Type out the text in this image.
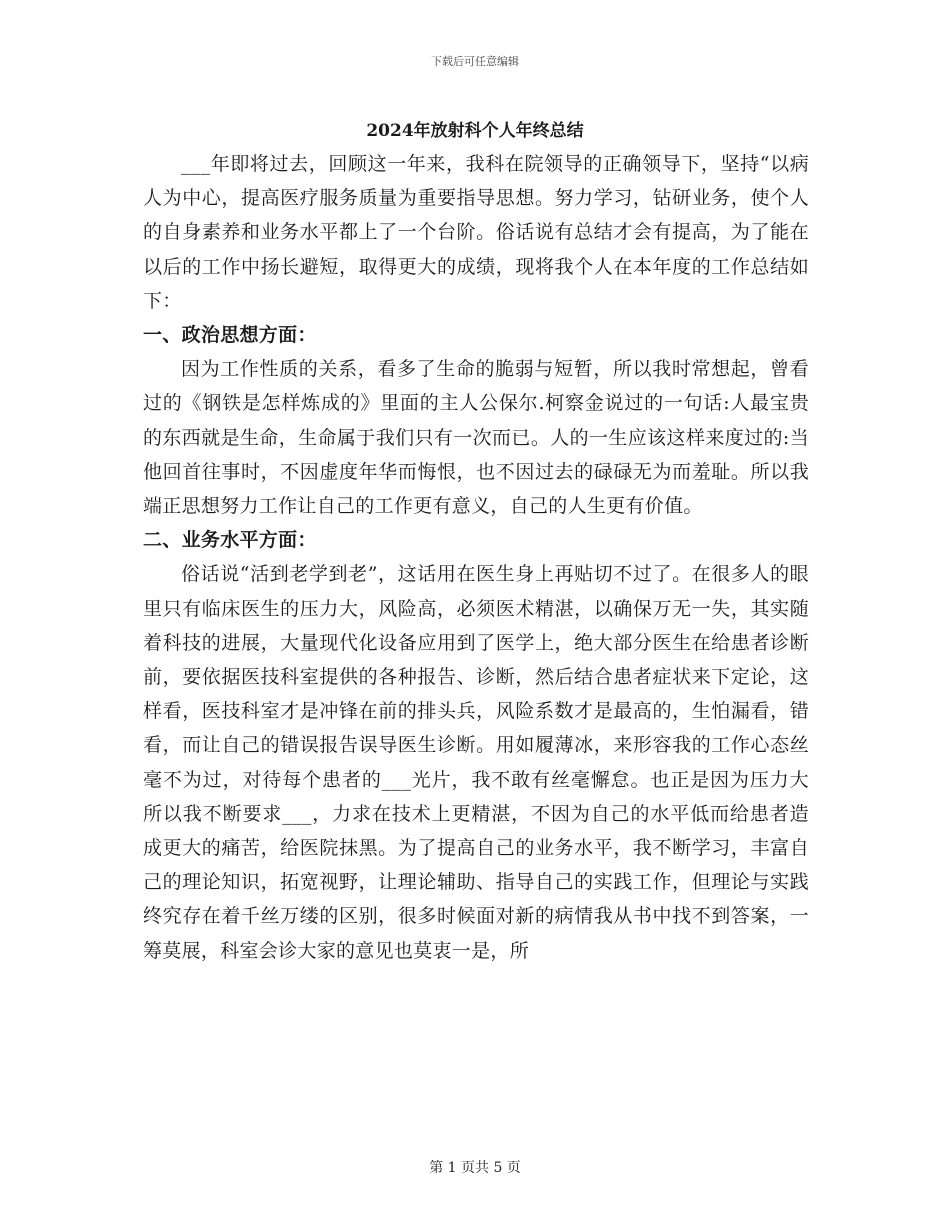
下载后可任意编辑
2024年放射科个人年终总结

___年即将过去，回顾这一年来，我科在院领导的正确领导下，坚持“以病人为中心，提高医疗服务质量为重要指导思想。努力学习，钻研业务，使个人的自身素养和业务水平都上了一个台阶。俗话说有总结才会有提高，为了能在以后的工作中扬长避短，取得更大的成绩，现将我个人在本年度的工作总结如下：

一、政治思想方面：

因为工作性质的关系，看多了生命的脆弱与短暂，所以我时常想起，曾看过的《钢铁是怎样炼成的》里面的主人公保尔.柯察金说过的一句话:人最宝贵的东西就是生命，生命属于我们只有一次而已。人的一生应该这样来度过的:当他回首往事时，不因虚度年华而悔恨，也不因过去的碌碌无为而羞耻。所以我端正思想努力工作让自己的工作更有意义，自己的人生更有价值。

二、业务水平方面：

俗话说“活到老学到老”，这话用在医生身上再贴切不过了。在很多人的眼里只有临床医生的压力大，风险高，必须医术精湛，以确保万无一失，其实随着科技的进展，大量现代化设备应用到了医学上，绝大部分医生在给患者诊断前，要依据医技科室提供的各种报告、诊断，然后结合患者症状来下定论，这样看，医技科室才是冲锋在前的排头兵，风险系数才是最高的，生怕漏看，错看，而让自己的错误报告误导医生诊断。用如履薄冰，来形容我的工作心态丝毫不为过，对待每个患者的___光片，我不敢有丝毫懈怠。也正是因为压力大所以我不断要求___，力求在技术上更精湛，不因为自己的水平低而给患者造成更大的痛苦，给医院抹黑。为了提高自己的业务水平，我不断学习，丰富自己的理论知识，拓宽视野，让理论辅助、指导自己的实践工作，但理论与实践终究存在着千丝万缕的区别，很多时候面对新的病情我从书中找不到答案，一筹莫展，科室会诊大家的意见也莫衷一是，所

第 1 页共 5 页
